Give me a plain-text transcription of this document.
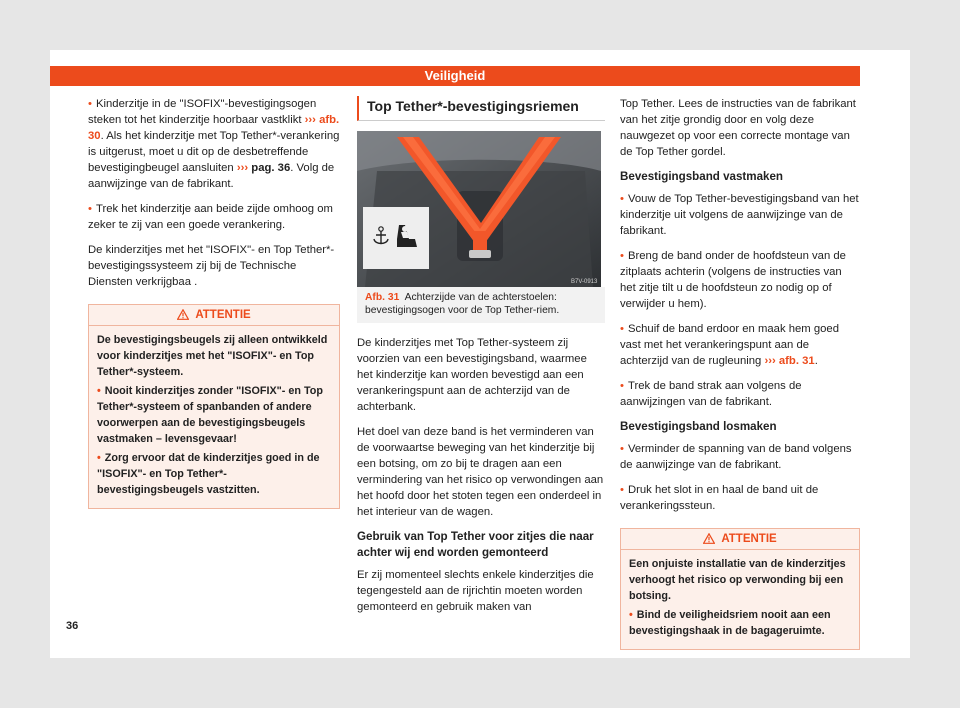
Veiligheid

• Kinderzitje in de "ISOFIX"-bevestigingsogen steken tot het kinderzitje hoorbaar vastklikt ››› afb. 30. Als het kinderzitje met Top Tether*-verankering is uitgerust, moet u dit op de desbetreffende bevestigingbeugel aansluiten ››› pag. 36. Volg de aanwijzinge van de fabrikant.

• Trek het kinderzitje aan beide zijde omhoog om zeker te zij van een goede verankering.

De kinderzitjes met het "ISOFIX"- en Top Tether*-bevestigingssysteem zij bij de Technische Diensten verkrijgbaa .

ATTENTIE

De bevestigingsbeugels zij alleen ontwikkeld voor kinderzitjes met het "ISOFIX"- en Top Tether*-systeem.

• Nooit kinderzitjes zonder "ISOFIX"- en Top Tether*-systeem of spanbanden of andere voorwerpen aan de bevestigingsbeugels vastmaken – levensgevaar!

• Zorg ervoor dat de kinderzitjes goed in de "ISOFIX"- en Top Tether*-bevestigingsbeugels vastzitten.

Top Tether*-bevestigingsriemen
B7V-0913
Afb. 31 Achterzijde van de achterstoelen: bevestigingsogen voor de Top Tether-riem.

De kinderzitjes met Top Tether-systeem zij voorzien van een bevestigingsband, waarmee het kinderzitje kan worden bevestigd aan een verankeringspunt aan de achterzijd van de achterbank.

Het doel van deze band is het verminderen van de voorwaartse beweging van het kinderzitje bij een botsing, om zo bij te dragen aan een vermindering van het risico op verwondingen aan het hoofd door het stoten tegen een onderdeel in het interieur van de wagen.

Gebruik van Top Tether voor zitjes die naar achter wij end worden gemonteerd

Er zij momenteel slechts enkele kinderzitjes die tegengesteld aan de rijrichtin moeten worden gemonteerd en gebruik maken van

Top Tether. Lees de instructies van de fabrikant van het zitje grondig door en volg deze nauwgezet op voor een correcte montage van de Top Tether gordel.

Bevestigingsband vastmaken

• Vouw de Top Tether-bevestigingsband van het kinderzitje uit volgens de aanwijzinge van de fabrikant.

• Breng de band onder de hoofdsteun van de zitplaats achterin (volgens de instructies van het zitje tilt u de hoofdsteun zo nodig op of verwijder u hem).

• Schuif de band erdoor en maak hem goed vast met het verankeringspunt aan de achterzijd van de rugleuning ››› afb. 31.

• Trek de band strak aan volgens de aanwijzingen van de fabrikant.

Bevestigingsband losmaken

• Verminder de spanning van de band volgens de aanwijzinge van de fabrikant.

• Druk het slot in en haal de band uit de verankeringssteun.

ATTENTIE

Een onjuiste installatie van de kinderzitjes verhoogt het risico op verwonding bij een botsing.

• Bind de veiligheidsriem nooit aan een bevestigingshaak in de bagageruimte.

36
